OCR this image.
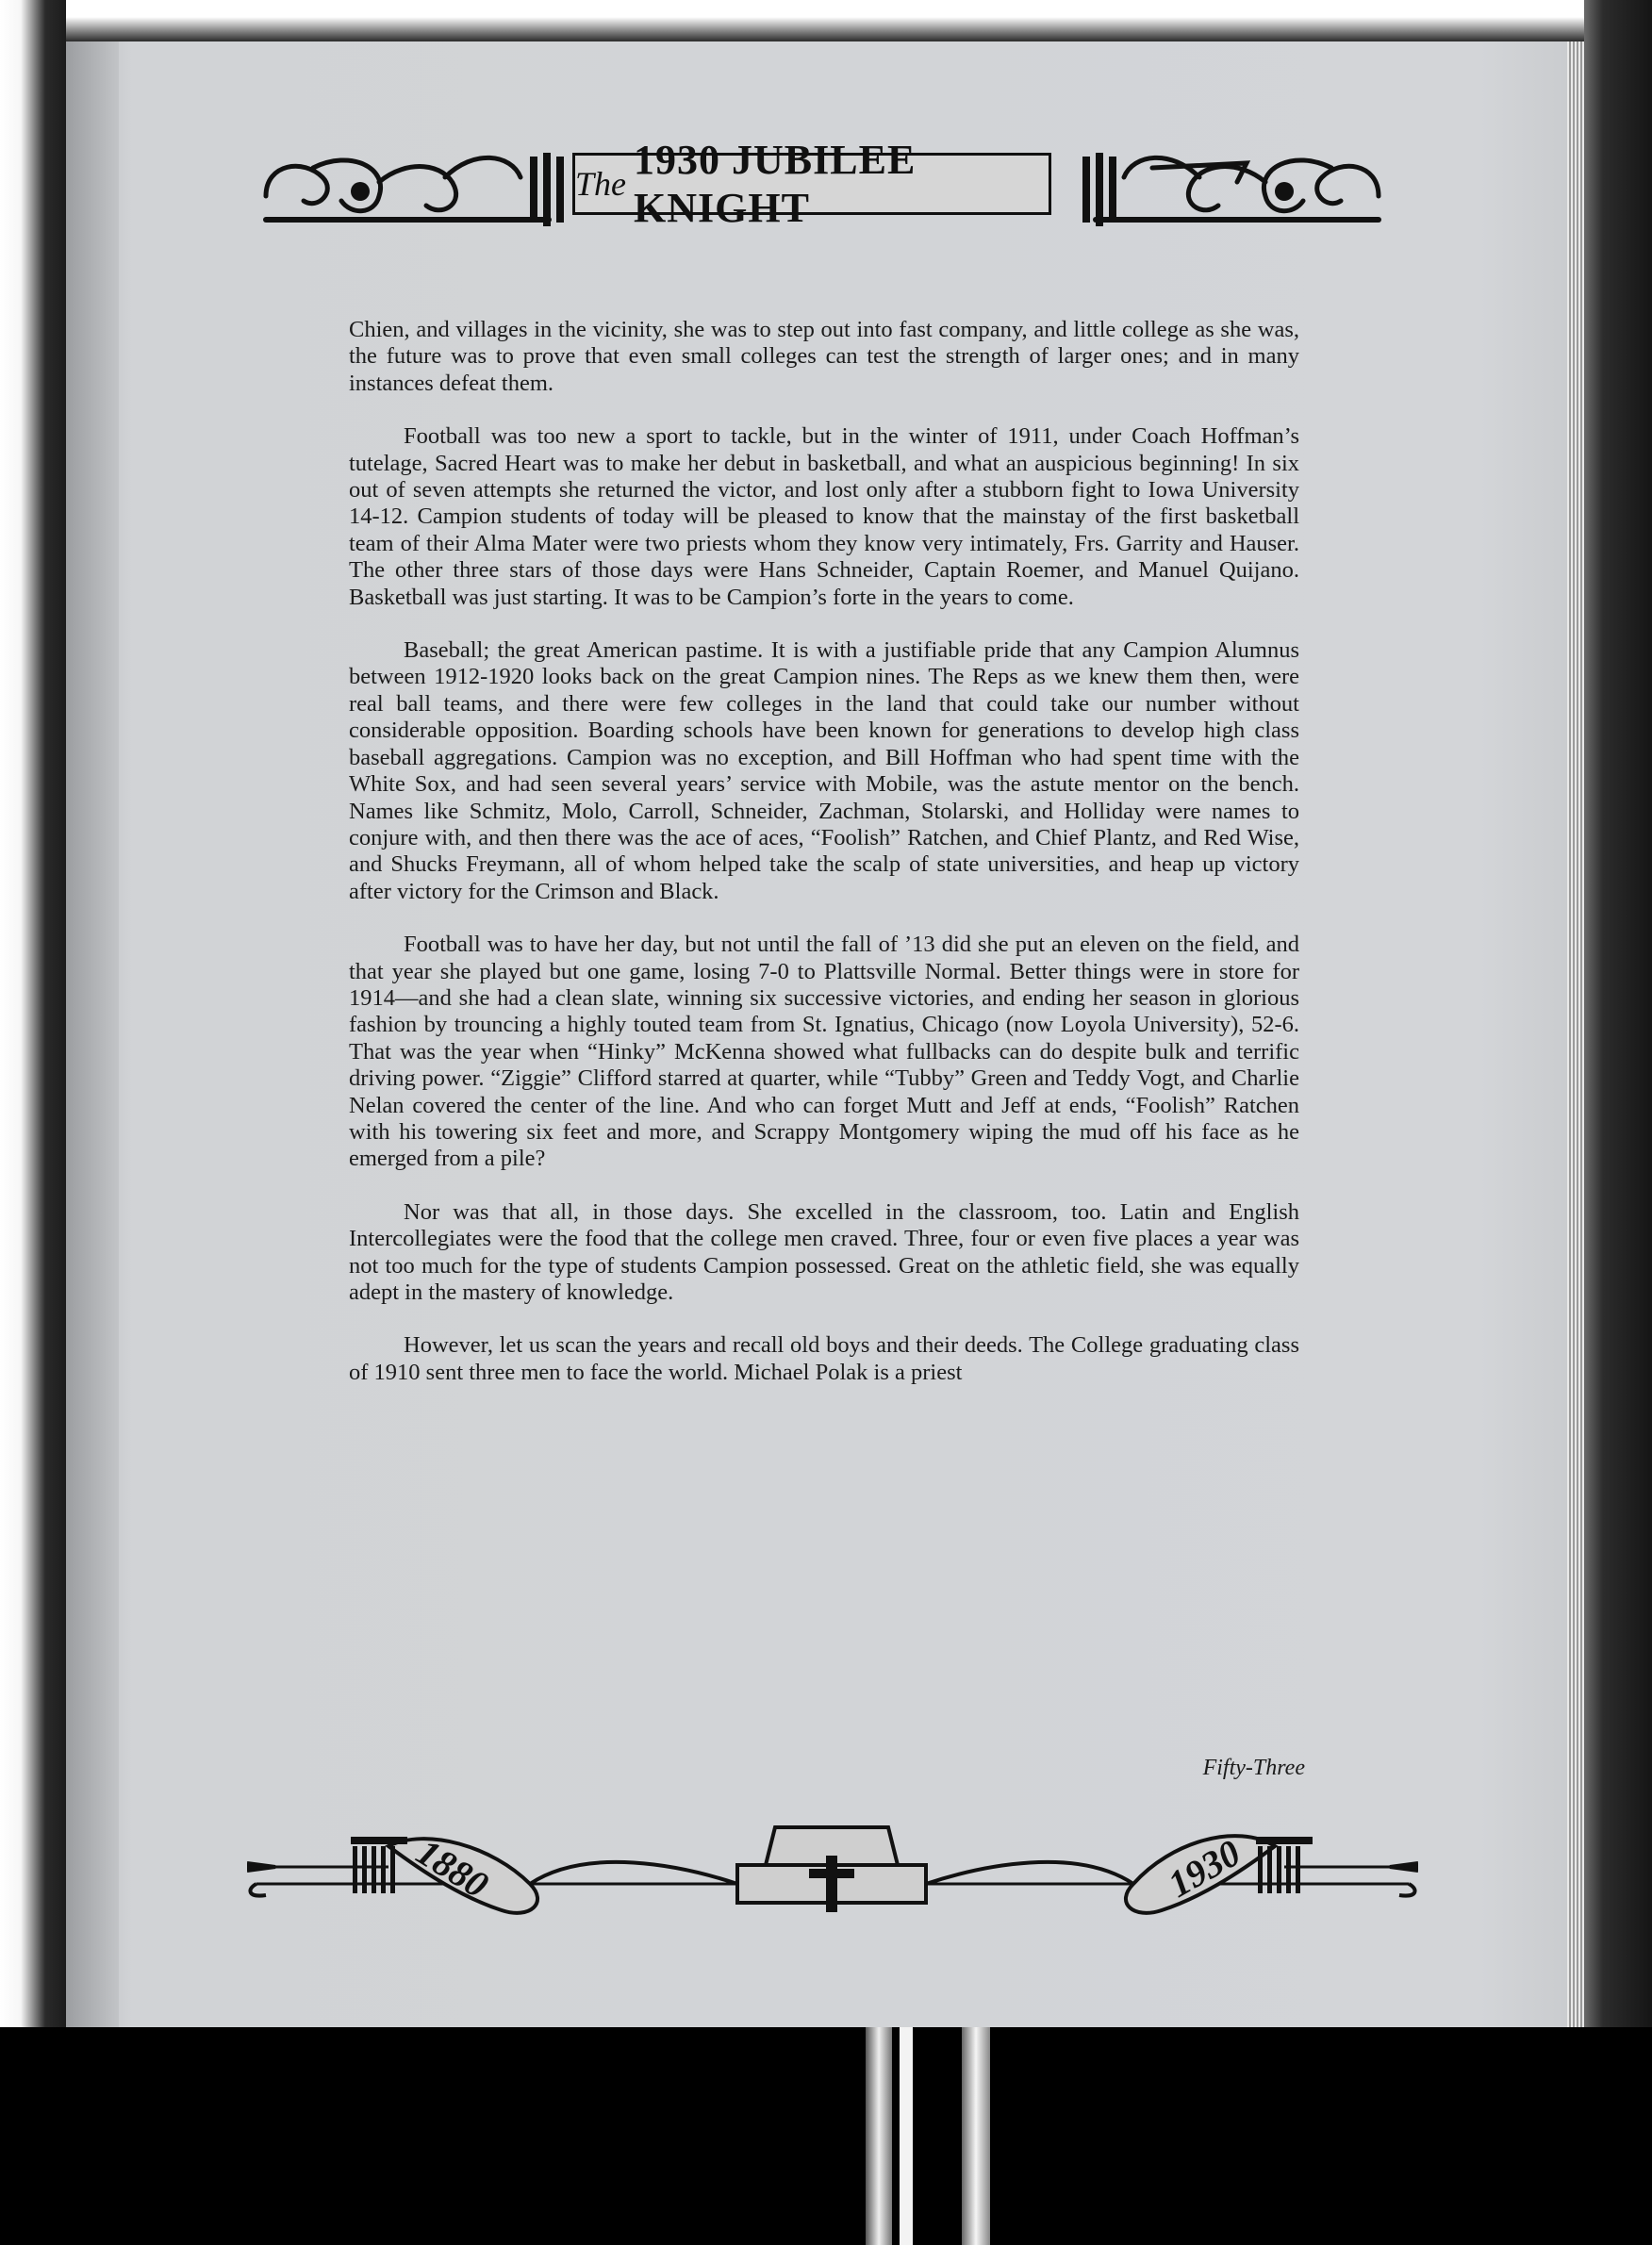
The
1930 JUBILEE KNIGHT

Chien, and villages in the vicinity, she was to step out into fast company, and little college as she was, the future was to prove that even small colleges can test the strength of larger ones; and in many instances defeat them.

Football was too new a sport to tackle, but in the winter of 1911, under Coach Hoffman’s tutelage, Sacred Heart was to make her debut in basketball, and what an auspicious beginning! In six out of seven attempts she returned the victor, and lost only after a stubborn fight to Iowa University 14-12. Campion students of today will be pleased to know that the mainstay of the first basketball team of their Alma Mater were two priests whom they know very intimately, Frs. Garrity and Hauser. The other three stars of those days were Hans Schneider, Captain Roemer, and Manuel Quijano. Basketball was just starting. It was to be Campion’s forte in the years to come.

Baseball; the great American pastime. It is with a justifiable pride that any Campion Alumnus between 1912-1920 looks back on the great Campion nines. The Reps as we knew them then, were real ball teams, and there were few colleges in the land that could take our number without considerable opposition. Boarding schools have been known for generations to develop high class baseball aggregations. Campion was no exception, and Bill Hoffman who had spent time with the White Sox, and had seen several years’ service with Mobile, was the astute mentor on the bench. Names like Schmitz, Molo, Carroll, Schneider, Zachman, Stolarski, and Holliday were names to conjure with, and then there was the ace of aces, “Foolish” Ratchen, and Chief Plantz, and Red Wise, and Shucks Freymann, all of whom helped take the scalp of state universities, and heap up victory after victory for the Crimson and Black.

Football was to have her day, but not until the fall of ’13 did she put an eleven on the field, and that year she played but one game, losing 7-0 to Plattsville Normal. Better things were in store for 1914—and she had a clean slate, winning six successive victories, and ending her season in glorious fashion by trouncing a highly touted team from St. Ignatius, Chicago (now Loyola University), 52-6. That was the year when “Hinky” McKenna showed what fullbacks can do despite bulk and terrific driving power. “Ziggie” Clifford starred at quarter, while “Tubby” Green and Teddy Vogt, and Charlie Nelan covered the center of the line. And who can forget Mutt and Jeff at ends, “Foolish” Ratchen with his towering six feet and more, and Scrappy Montgomery wiping the mud off his face as he emerged from a pile?

Nor was that all, in those days. She excelled in the classroom, too. Latin and English Intercollegiates were the food that the college men craved. Three, four or even five places a year was not too much for the type of students Campion possessed. Great on the athletic field, she was equally adept in the mastery of knowledge.

However, let us scan the years and recall old boys and their deeds. The College graduating class of 1910 sent three men to face the world. Michael Polak is a priest

Fifty-Three
1880	1930
